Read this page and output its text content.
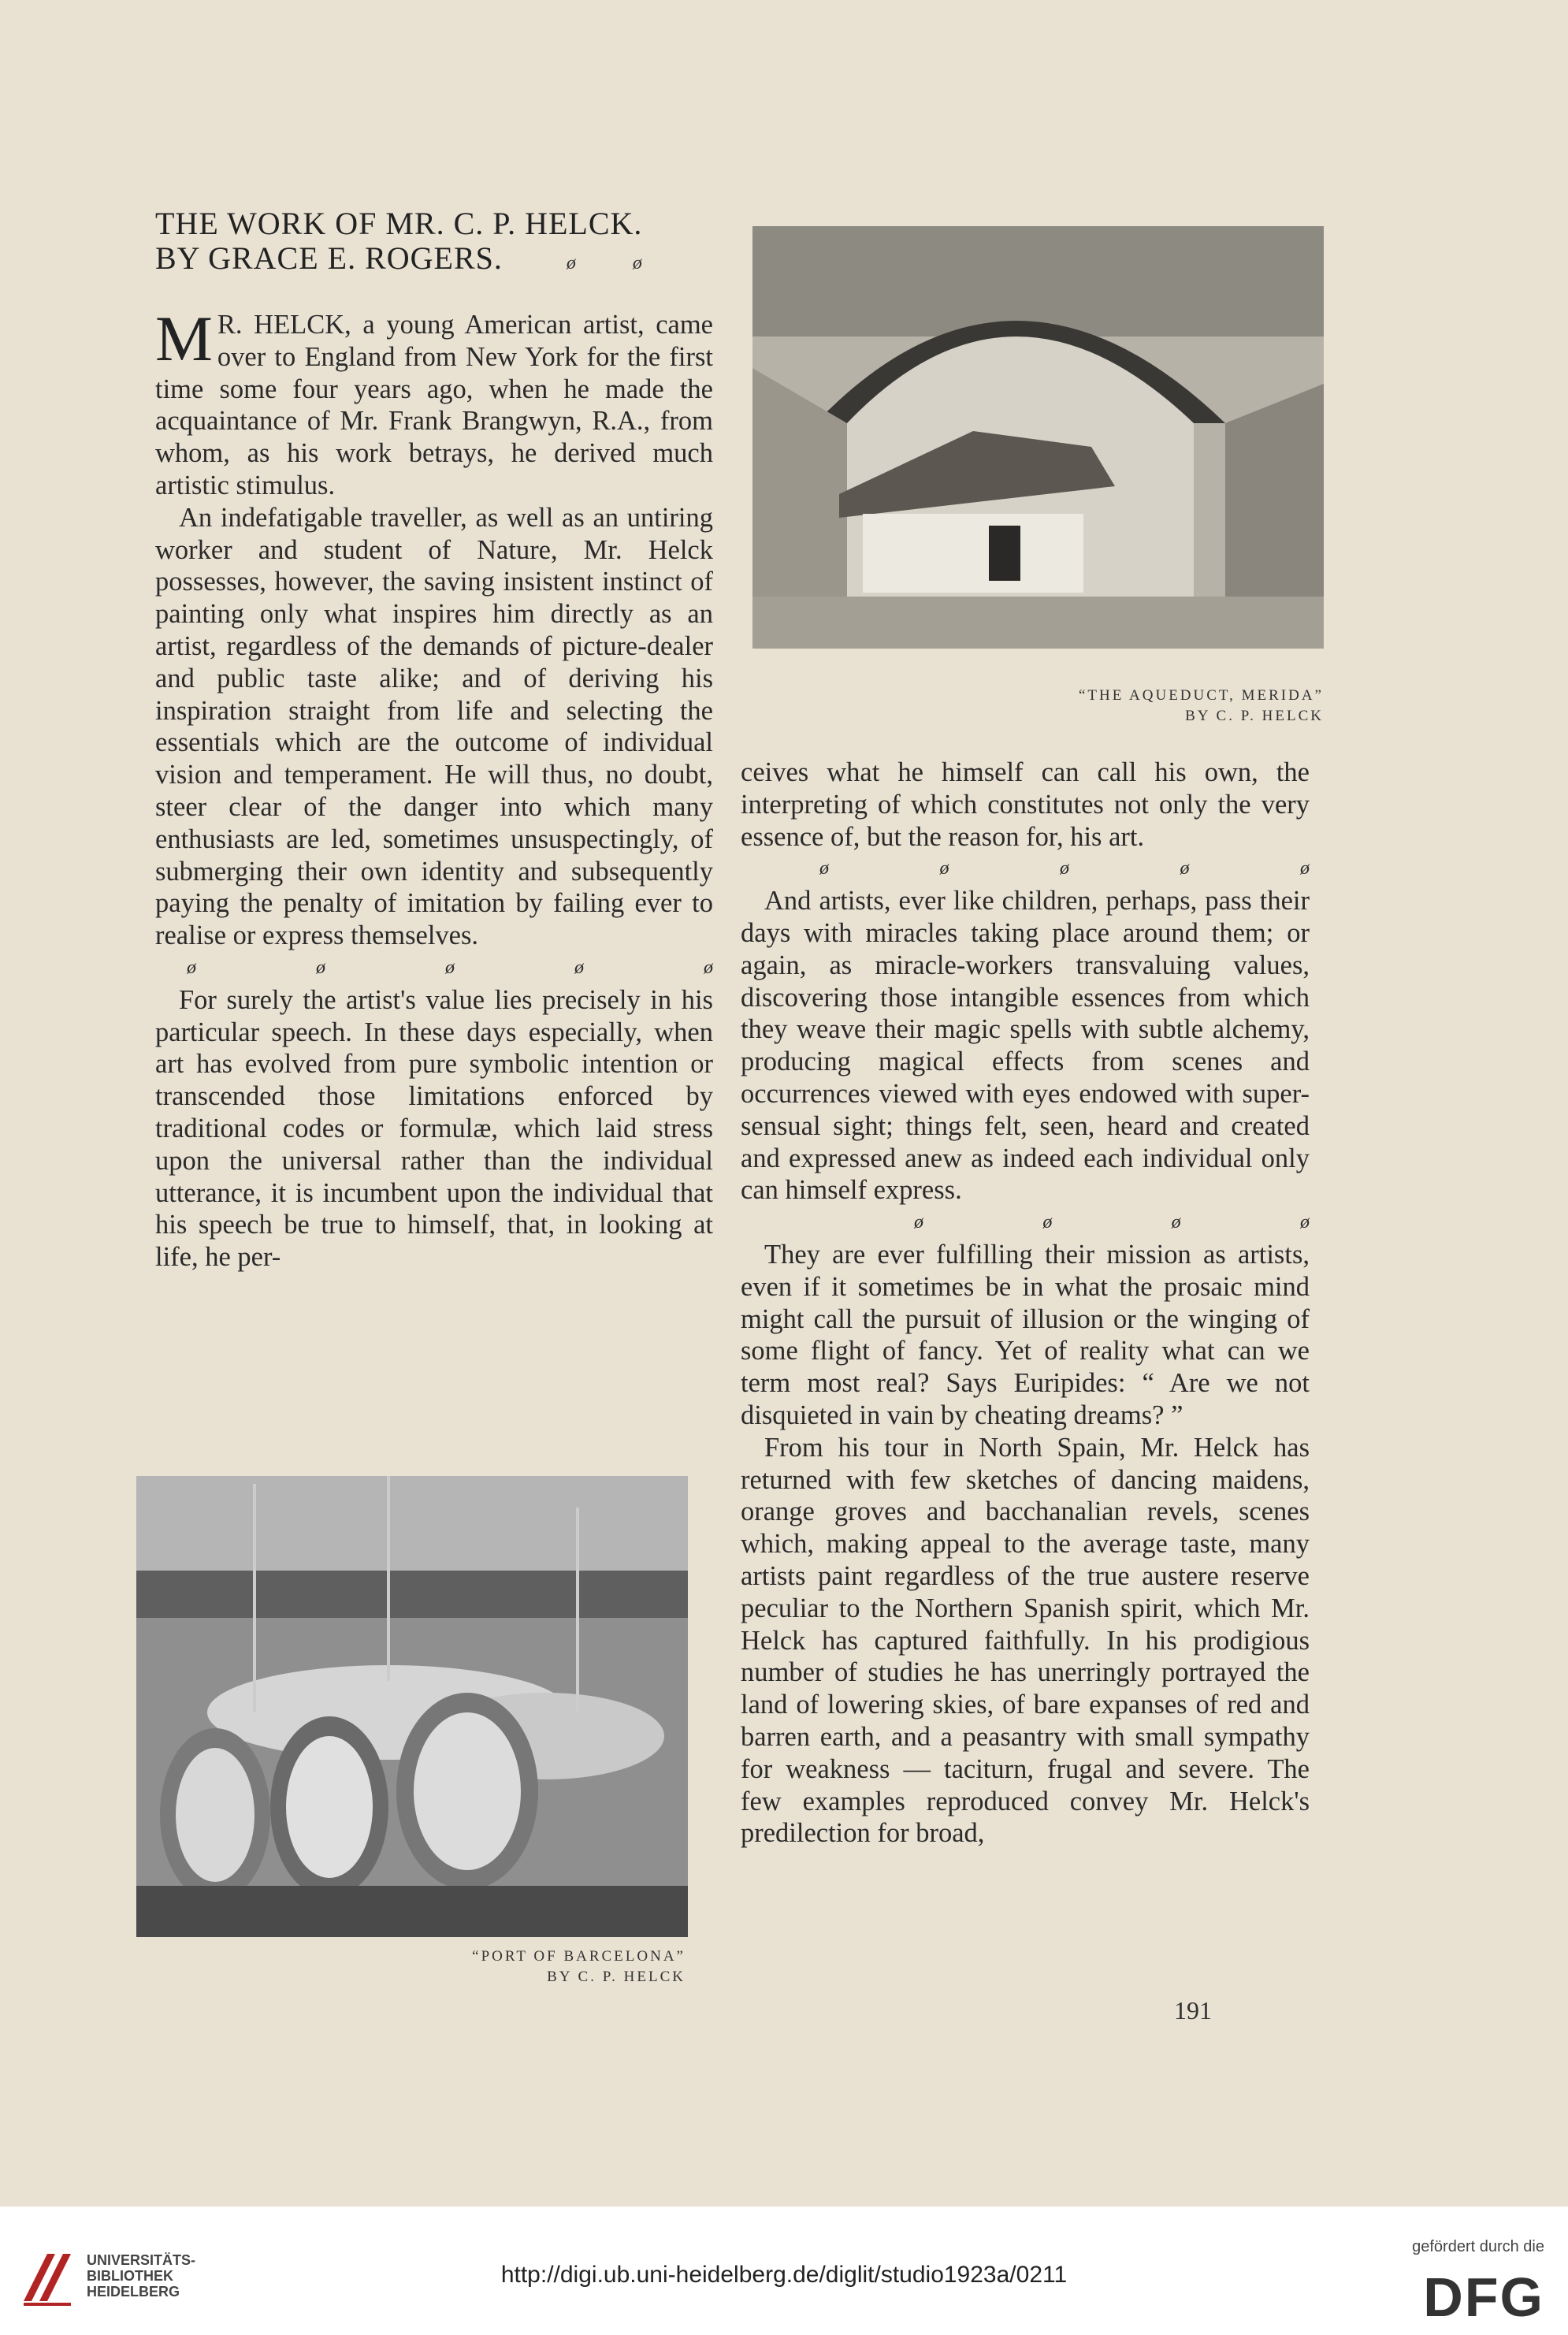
THE WORK OF MR. C. P. HELCK.
BY GRACE E. ROGERS.	ø	ø

M R. HELCK, a young American artist, came over to England from New York for the first time some four years ago, when he made the acquaintance of Mr. Frank Brangwyn, R.A., from whom, as his work betrays, he derived much artistic stimulus.

An indefatigable traveller, as well as an untiring worker and student of Nature, Mr. Helck possesses, however, the saving insistent instinct of painting only what inspires him directly as an artist, regardless of the demands of picture-dealer and public taste alike; and of deriving his inspiration straight from life and selecting the essentials which are the outcome of individual vision and temperament. He will thus, no doubt, steer clear of the danger into which many enthusiasts are led, sometimes unsuspectingly, of submerging their own identity and subsequently paying the penalty of imitation by failing ever to realise or express themselves.

ø	ø	ø	ø	ø

For surely the artist's value lies precisely in his particular speech. In these days especially, when art has evolved from pure symbolic intention or transcended those limitations enforced by traditional codes or formulæ, which laid stress upon the universal rather than the individual utterance, it is incumbent upon the individual that his speech be true to himself, that, in looking at life, he per-

“THE AQUEDUCT, MERIDA”
BY C. P. HELCK

ceives what he himself can call his own, the interpreting of which constitutes not only the very essence of, but the reason for, his art.

ø	ø	ø	ø	ø

And artists, ever like children, perhaps, pass their days with miracles taking place around them; or again, as miracle-workers transvaluing values, discovering those intangible essences from which they weave their magic spells with subtle alchemy, producing magical effects from scenes and occurrences viewed with eyes endowed with super-sensual sight; things felt, seen, heard and created and expressed anew as indeed each individual only can himself express.

ø	ø	ø	ø

They are ever fulfilling their mission as artists, even if it sometimes be in what the prosaic mind might call the pursuit of illusion or the winging of some flight of fancy. Yet of reality what can we term most real? Says Euripides: “ Are we not disquieted in vain by cheating dreams? ”

From his tour in North Spain, Mr. Helck has returned with few sketches of dancing maidens, orange groves and bacchanalian revels, scenes which, making appeal to the average taste, many artists paint regardless of the true austere reserve peculiar to the Northern Spanish spirit, which Mr. Helck has captured faithfully. In his prodigious number of studies he has unerringly portrayed the land of lowering skies, of bare expanses of red and barren earth, and a peasantry with small sympathy for weakness — taciturn, frugal and severe. The few examples reproduced convey Mr. Helck's predilection for broad,

“PORT OF BARCELONA”
BY C. P. HELCK
191
UNIVERSITÄTS-
BIBLIOTHEK
HEIDELBERG
http://digi.ub.uni-heidelberg.de/diglit/studio1923a/0211
gefördert durch die
DFG
